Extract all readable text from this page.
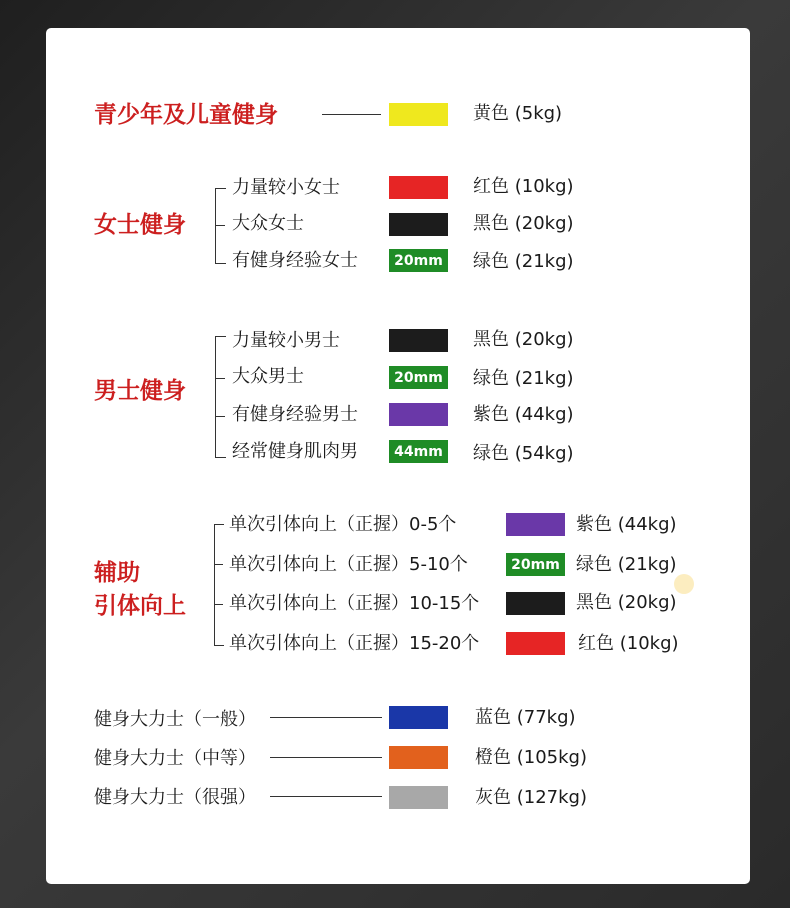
青少年及儿童健身	黄色 (5kg)
女士健身
力量较小女士
大众女士
有健身经验女士	20mm
红色 (10kg)
黑色 (20kg)
绿色 (21kg)
男士健身
力量较小男士
大众男士
有健身经验男士
经常健身肌肉男
20mm
44mm
黑色 (20kg)
绿色 (21kg)
紫色 (44kg)
绿色 (54kg)
辅助
引体向上
单次引体向上（正握）0-5个
单次引体向上（正握）5-10个
单次引体向上（正握）10-15个
单次引体向上（正握）15-20个
20mm
紫色 (44kg)
绿色 (21kg)
黑色 (20kg)
红色 (10kg)
健身大力士（一般）
健身大力士（中等）
健身大力士（很强）
蓝色 (77kg)
橙色 (105kg)
灰色 (127kg)
